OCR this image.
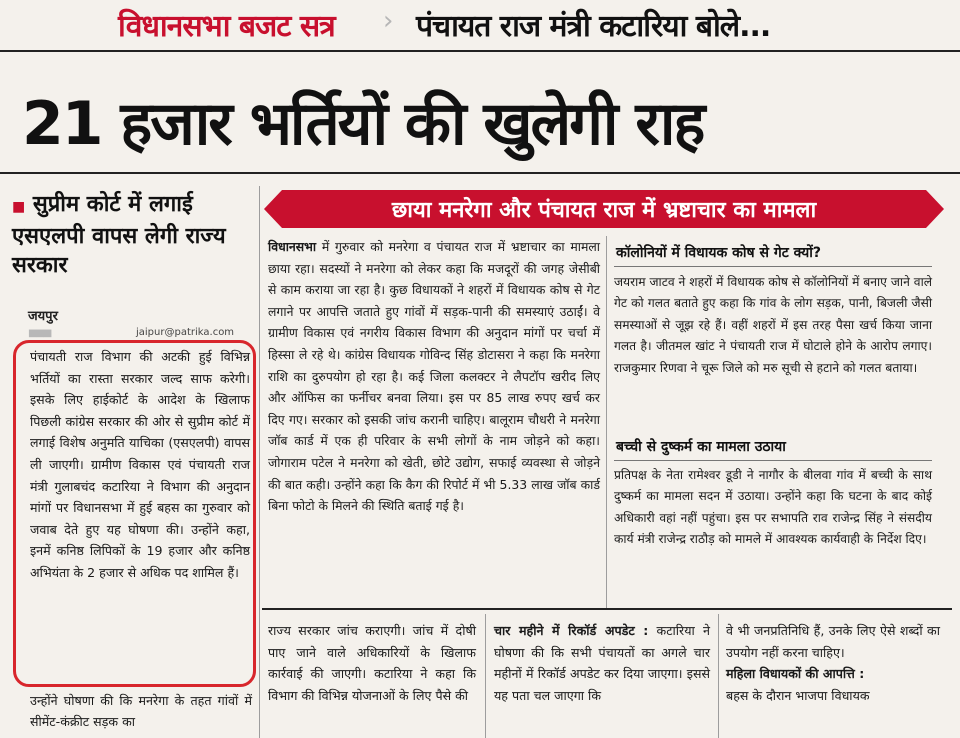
विधानसभा बजट सत्र › पंचायत राज मंत्री कटारिया बोले...
21 हजार भर्तियों की खुलेगी राह
■ सुप्रीम कोर्ट में लगाई एसएलपी वापस लेगी राज्य सरकार
जयपुर
■■■	jaipur@patrika.com
पंचायती राज विभाग की अटकी हुई विभिन्न भर्तियों का रास्ता सरकार जल्द साफ करेगी। इसके लिए हाईकोर्ट के आदेश के खिलाफ पिछली कांग्रेस सरकार की ओर से सुप्रीम कोर्ट में लगाई विशेष अनुमति याचिका (एसएलपी) वापस ली जाएगी। ग्रामीण विकास एवं पंचायती राज मंत्री गुलाबचंद कटारिया ने विभाग की अनुदान मांगों पर विधानसभा में हुई बहस का गुरुवार को जवाब देते हुए यह घोषणा की। उन्होंने कहा, इनमें कनिष्ठ लिपिकों के 19 हजार और कनिष्ठ अभियंता के 2 हजार से अधिक पद शामिल हैं।
उन्होंने घोषणा की कि मनरेगा के तहत गांवों में सीमेंट-कंक्रीट सड़क का
छाया मनरेगा और पंचायत राज में भ्रष्टाचार का मामला
विधानसभा में गुरुवार को मनरेगा व पंचायत राज में भ्रष्टाचार का मामला छाया रहा। सदस्यों ने मनरेगा को लेकर कहा कि मजदूरों की जगह जेसीबी से काम कराया जा रहा है। कुछ विधायकों ने शहरों में विधायक कोष से गेट लगाने पर आपत्ति जताते हुए गांवों में सड़क-पानी की समस्याएं उठाईं। वे ग्रामीण विकास एवं नगरीय विकास विभाग की अनुदान मांगों पर चर्चा में हिस्सा ले रहे थे। कांग्रेस विधायक गोविन्द सिंह डोटासरा ने कहा कि मनरेगा राशि का दुरुपयोग हो रहा है। कई जिला कलक्टर ने लैपटॉप खरीद लिए और ऑफिस का फर्नीचर बनवा लिया। इस पर 85 लाख रुपए खर्च कर दिए गए। सरकार को इसकी जांच करानी चाहिए। बालूराम चौधरी ने मनरेगा जॉब कार्ड में एक ही परिवार के सभी लोगों के नाम जोड़ने को कहा। जोगाराम पटेल ने मनरेगा को खेती, छोटे उद्योग, सफाई व्यवस्था से जोड़ने की बात कही। उन्होंने कहा कि कैग की रिपोर्ट में भी 5.33 लाख जॉब कार्ड बिना फोटो के मिलने की स्थिति बताई गई है।
कॉलोनियों में विधायक कोष से गेट क्यों?
जयराम जाटव ने शहरों में विधायक कोष से कॉलोनियों में बनाए जाने वाले गेट को गलत बताते हुए कहा कि गांव के लोग सड़क, पानी, बिजली जैसी समस्याओं से जूझ रहे हैं। वहीं शहरों में इस तरह पैसा खर्च किया जाना गलत है। जीतमल खांट ने पंचायती राज में घोटाले होने के आरोप लगाए। राजकुमार रिणवा ने चूरू जिले को मरु सूची से हटाने को गलत बताया।
बच्ची से दुष्कर्म का मामला उठाया
प्रतिपक्ष के नेता रामेश्वर डूडी ने नागौर के बीलवा गांव में बच्ची के साथ दुष्कर्म का मामला सदन में उठाया। उन्होंने कहा कि घटना के बाद कोई अधिकारी वहां नहीं पहुंचा। इस पर सभापति राव राजेन्द्र सिंह ने संसदीय कार्य मंत्री राजेन्द्र राठौड़ को मामले में आवश्यक कार्यवाही के निर्देश दिए।
राज्य सरकार जांच कराएगी। जांच में दोषी पाए जाने वाले अधिकारियों के खिलाफ कार्रवाई की जाएगी। कटारिया ने कहा कि विभाग की विभिन्न योजनाओं के लिए पैसे की
चार महीने में रिकॉर्ड अपडेट : कटारिया ने घोषणा की कि सभी पंचायतों का अगले चार महीनों में रिकॉर्ड अपडेट कर दिया जाएगा। इससे यह पता चल जाएगा कि
वे भी जनप्रतिनिधि हैं, उनके लिए ऐसे शब्दों का उपयोग नहीं करना चाहिए।
महिला विधायकों की आपत्ति :
बहस के दौरान भाजपा विधायक
